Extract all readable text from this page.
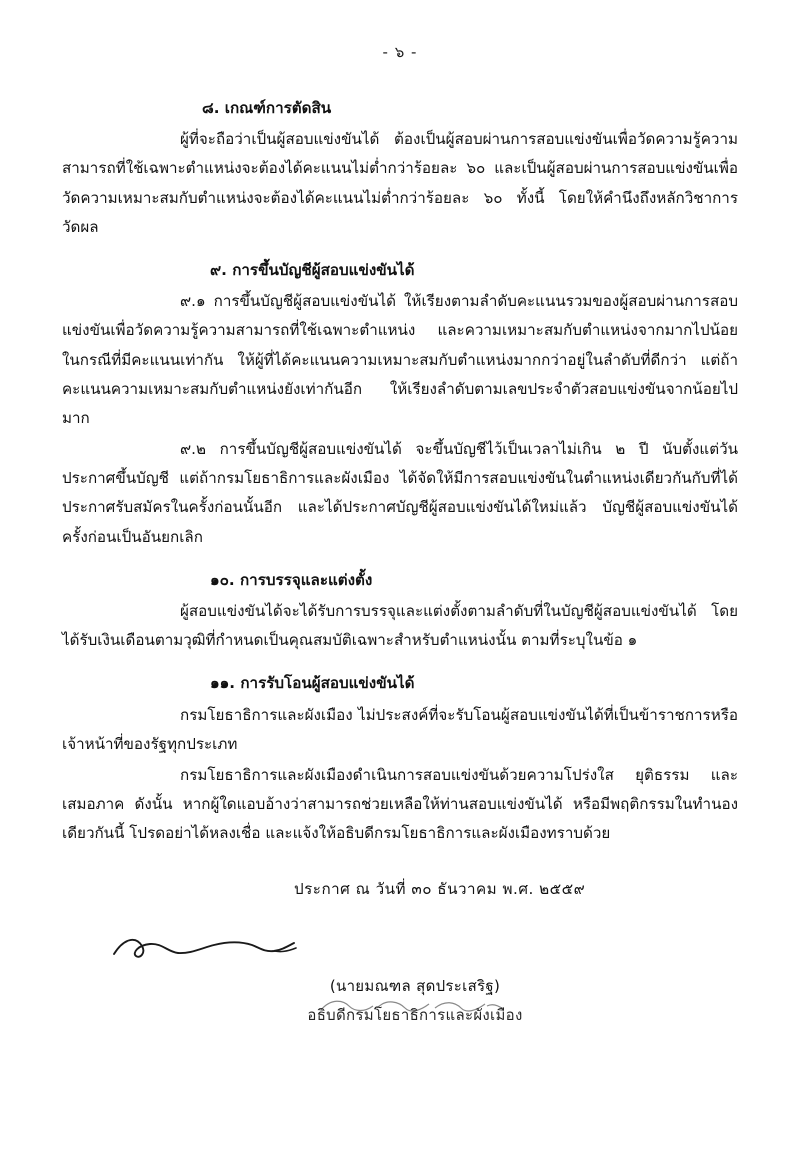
- ๖ -
๘. เกณฑ์การตัดสิน
ผู้ที่จะถือว่าเป็นผู้สอบแข่งขันได้ ต้องเป็นผู้สอบผ่านการสอบแข่งขันเพื่อวัดความรู้ความสามารถที่ใช้เฉพาะตำแหน่งจะต้องได้คะแนนไม่ต่ำกว่าร้อยละ ๖๐ และเป็นผู้สอบผ่านการสอบแข่งขันเพื่อวัดความเหมาะสมกับตำแหน่งจะต้องได้คะแนนไม่ต่ำกว่าร้อยละ ๖๐ ทั้งนี้ โดยให้คำนึงถึงหลักวิชาการวัดผล
๙. การขึ้นบัญชีผู้สอบแข่งขันได้
๙.๑ การขึ้นบัญชีผู้สอบแข่งขันได้ ให้เรียงตามลำดับคะแนนรวมของผู้สอบผ่านการสอบแข่งขันเพื่อวัดความรู้ความสามารถที่ใช้เฉพาะตำแหน่ง และความเหมาะสมกับตำแหน่งจากมากไปน้อย ในกรณีที่มีคะแนนเท่ากัน ให้ผู้ที่ได้คะแนนความเหมาะสมกับตำแหน่งมากกว่าอยู่ในลำดับที่ดีกว่า แต่ถ้าคะแนนความเหมาะสมกับตำแหน่งยังเท่ากันอีก ให้เรียงลำดับตามเลขประจำตัวสอบแข่งขันจากน้อยไปมาก
๙.๒ การขึ้นบัญชีผู้สอบแข่งขันได้ จะขึ้นบัญชีไว้เป็นเวลาไม่เกิน ๒ ปี นับตั้งแต่วันประกาศขึ้นบัญชี แต่ถ้ากรมโยธาธิการและผังเมือง ได้จัดให้มีการสอบแข่งขันในตำแหน่งเดียวกันกับที่ได้ประกาศรับสมัครในครั้งก่อนนั้นอีก และได้ประกาศบัญชีผู้สอบแข่งขันได้ใหม่แล้ว บัญชีผู้สอบแข่งขันได้ครั้งก่อนเป็นอันยกเลิก
๑๐. การบรรจุและแต่งตั้ง
ผู้สอบแข่งขันได้จะได้รับการบรรจุและแต่งตั้งตามลำดับที่ในบัญชีผู้สอบแข่งขันได้ โดยได้รับเงินเดือนตามวุฒิที่กำหนดเป็นคุณสมบัติเฉพาะสำหรับตำแหน่งนั้น ตามที่ระบุในข้อ ๑
๑๑. การรับโอนผู้สอบแข่งขันได้
กรมโยธาธิการและผังเมือง ไม่ประสงค์ที่จะรับโอนผู้สอบแข่งขันได้ที่เป็นข้าราชการหรือเจ้าหน้าที่ของรัฐทุกประเภท
กรมโยธาธิการและผังเมืองดำเนินการสอบแข่งขันด้วยความโปร่งใส ยุติธรรม และเสมอภาค ดังนั้น หากผู้ใดแอบอ้างว่าสามารถช่วยเหลือให้ท่านสอบแข่งขันได้ หรือมีพฤติกรรมในทำนองเดียวกันนี้ โปรดอย่าได้หลงเชื่อ และแจ้งให้อธิบดีกรมโยธาธิการและผังเมืองทราบด้วย
ประกาศ ณ วันที่ ๓๐ ธันวาคม พ.ศ. ๒๕๕๙
(นายมณฑล สุดประเสริฐ)
อธิบดีกรมโยธาธิการและผังเมือง
